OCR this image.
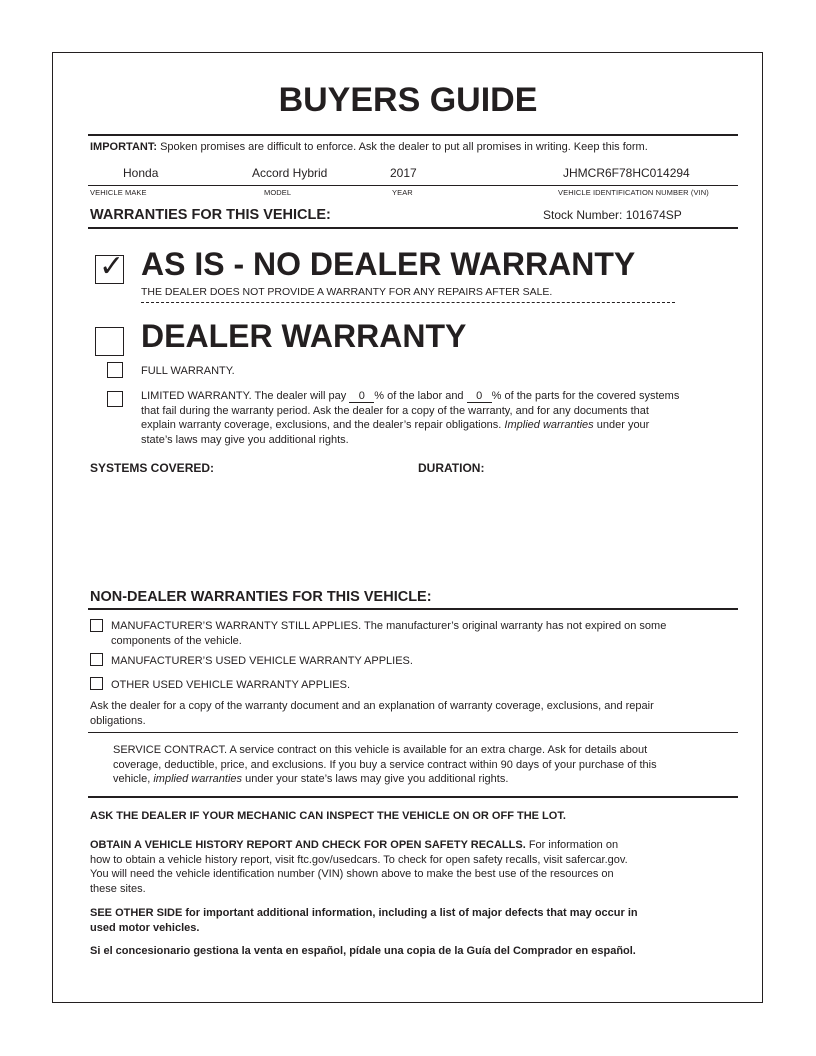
BUYERS GUIDE
IMPORTANT: Spoken promises are difficult to enforce. Ask the dealer to put all promises in writing. Keep this form.
Honda	Accord Hybrid	2017	JHMCR6F78HC014294
VEHICLE MAKE	MODEL	YEAR	VEHICLE IDENTIFICATION NUMBER (VIN)
WARRANTIES FOR THIS VEHICLE:	Stock Number: 101674SP
✓ AS IS - NO DEALER WARRANTY
THE DEALER DOES NOT PROVIDE A WARRANTY FOR ANY REPAIRS AFTER SALE.
DEALER WARRANTY
FULL WARRANTY.
LIMITED WARRANTY. The dealer will pay 0 % of the labor and 0 % of the parts for the covered systems
that fail during the warranty period. Ask the dealer for a copy of the warranty, and for any documents that
explain warranty coverage, exclusions, and the dealer’s repair obligations. Implied warranties under your
state’s laws may give you additional rights.
SYSTEMS COVERED:	DURATION:
NON-DEALER WARRANTIES FOR THIS VEHICLE:
MANUFACTURER’S WARRANTY STILL APPLIES. The manufacturer’s original warranty has not expired on some
components of the vehicle.
MANUFACTURER’S USED VEHICLE WARRANTY APPLIES.
OTHER USED VEHICLE WARRANTY APPLIES.
Ask the dealer for a copy of the warranty document and an explanation of warranty coverage, exclusions, and repair
obligations.
SERVICE CONTRACT. A service contract on this vehicle is available for an extra charge. Ask for details about
coverage, deductible, price, and exclusions. If you buy a service contract within 90 days of your purchase of this
vehicle, implied warranties under your state’s laws may give you additional rights.
ASK THE DEALER IF YOUR MECHANIC CAN INSPECT THE VEHICLE ON OR OFF THE LOT.
OBTAIN A VEHICLE HISTORY REPORT AND CHECK FOR OPEN SAFETY RECALLS. For information on
how to obtain a vehicle history report, visit ftc.gov/usedcars. To check for open safety recalls, visit safercar.gov.
You will need the vehicle identification number (VIN) shown above to make the best use of the resources on
these sites.
SEE OTHER SIDE for important additional information, including a list of major defects that may occur in
used motor vehicles.
Si el concesionario gestiona la venta en español, pídale una copia de la Guía del Comprador en español.
